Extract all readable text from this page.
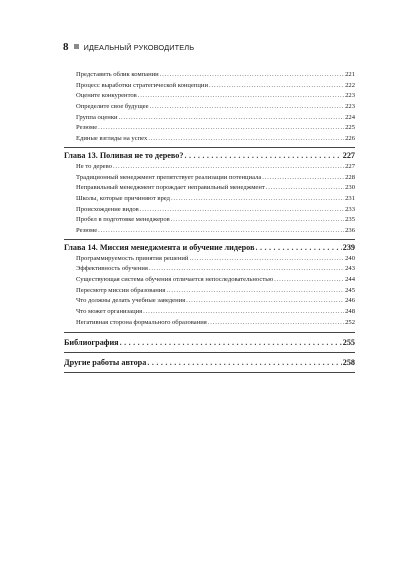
8 ИДЕАЛЬНЫЙ РУКОВОДИТЕЛЬ
Представить облик компании . . .	221
Процесс выработки стратегической концепции . . .	222
Оцените конкурентов . . .	223
Определите свое будущее . . .	223
Группа оценки . . .	224
Резюме . . .	225
Единые взгляды на успех . . .	226
Глава 13. Поливая не то дерево? . . .	227
Не то дерево . . .	227
Традиционный менеджмент препятствует реализации потенциала . . .	228
Неправильный менеджмент порождает неправильный менеджмент . . .	230
Школы, которые причиняют вред . . .	231
Происхождение видов . . .	233
Пробел в подготовке менеджеров . . .	235
Резюме . . .	236
Глава 14. Миссия менеджмента и обучение лидеров . . .	239
Программируемость принятия решений . . .	240
Эффективность обучения . . .	243
Существующая система обучения отличается непоследовательностью . . .	244
Пересмотр миссии образования . . .	245
Что должны делать учебные заведения . . .	246
Что может организация . . .	248
Негативная сторона формального образования . . .	252
Библиография . . .	255
Другие работы автора . . .	258
